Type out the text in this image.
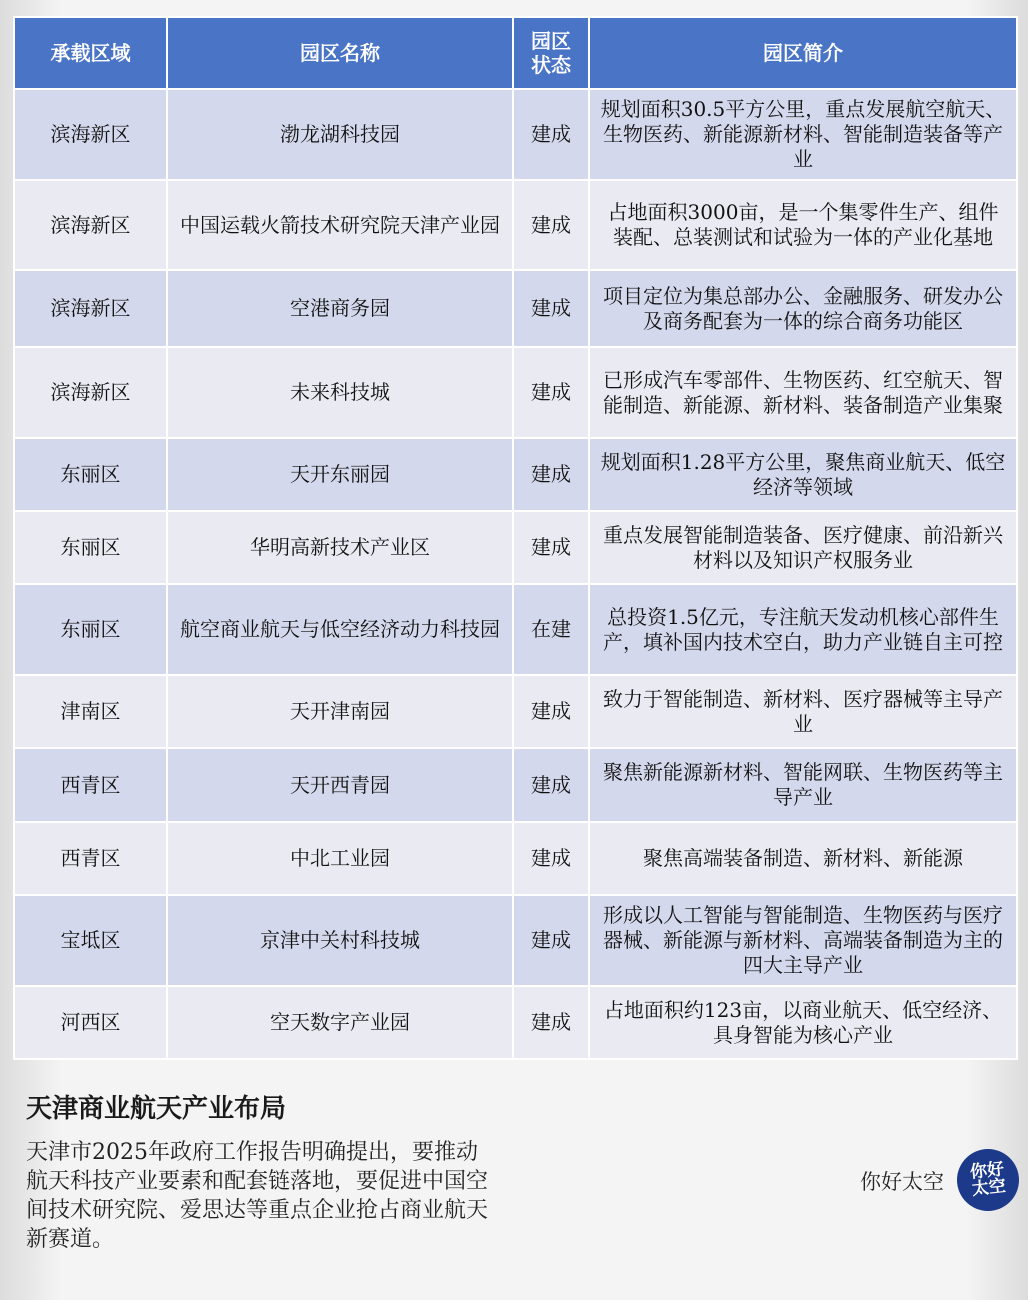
承载区域	园区名称	园区状态	园区简介
滨海新区	渤龙湖科技园	建成	规划面积30.5平方公里，重点发展航空航天、生物医药、新能源新材料、智能制造装备等产业
滨海新区	中国运载火箭技术研究院天津产业园	建成	占地面积3000亩，是一个集零件生产、组件装配、总装测试和试验为一体的产业化基地
滨海新区	空港商务园	建成	项目定位为集总部办公、金融服务、研发办公及商务配套为一体的综合商务功能区
滨海新区	未来科技城	建成	已形成汽车零部件、生物医药、红空航天、智能制造、新能源、新材料、装备制造产业集聚
东丽区	天开东丽园	建成	规划面积1.28平方公里，聚焦商业航天、低空经济等领域
东丽区	华明高新技术产业区	建成	重点发展智能制造装备、医疗健康、前沿新兴材料以及知识产权服务业
东丽区	航空商业航天与低空经济动力科技园	在建	总投资1.5亿元，专注航天发动机核心部件生产，填补国内技术空白，助力产业链自主可控
津南区	天开津南园	建成	致力于智能制造、新材料、医疗器械等主导产业
西青区	天开西青园	建成	聚焦新能源新材料、智能网联、生物医药等主导产业
西青区	中北工业园	建成	聚焦高端装备制造、新材料、新能源
宝坻区	京津中关村科技城	建成	形成以人工智能与智能制造、生物医药与医疗器械、新能源与新材料、高端装备制造为主的四大主导产业
河西区	空天数字产业园	建成	占地面积约123亩，以商业航天、低空经济、具身智能为核心产业
天津商业航天产业布局
天津市2025年政府工作报告明确提出，要推动航天科技产业要素和配套链落地，要促进中国空间技术研究院、爱思达等重点企业抢占商业航天新赛道。
你好太空 你好太空
